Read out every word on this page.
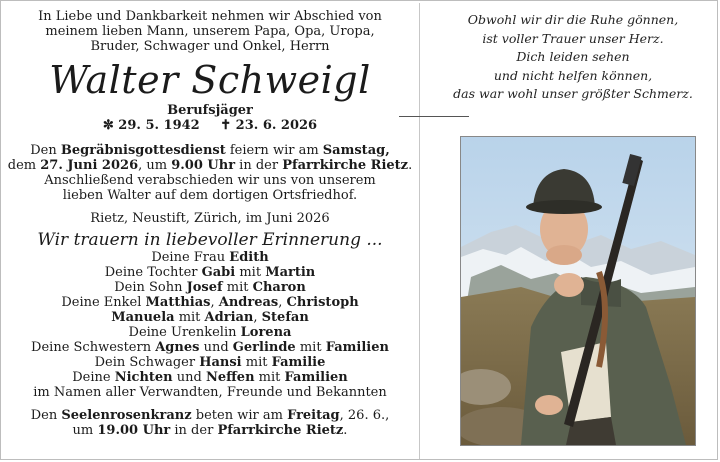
In Liebe und Dankbarkeit nehmen wir Abschied von
meinem lieben Mann, unserem Papa, Opa, Uropa,
Bruder, Schwager und Onkel, Herrn
Walter Schweigl
Berufsjäger
✼ 29. 5. 1942 ✝ 23. 6. 2026
Den Begräbnisgottesdienst feiern wir am Samstag,
dem 27. Juni 2026, um 9.00 Uhr in der Pfarrkirche Rietz.
Anschließend verabschieden wir uns von unserem
lieben Walter auf dem dortigen Ortsfriedhof.
Rietz, Neustift, Zürich, im Juni 2026
Wir trauern in liebevoller Erinnerung ...
Deine Frau Edith
Deine Tochter Gabi mit Martin
Dein Sohn Josef mit Charon
Deine Enkel Matthias, Andreas, Christoph
Manuela mit Adrian, Stefan
Deine Urenkelin Lorena
Deine Schwestern Agnes und Gerlinde mit Familien
Dein Schwager Hansi mit Familie
Deine Nichten und Neffen mit Familien
im Namen aller Verwandten, Freunde und Bekannten
Den Seelenrosenkranz beten wir am Freitag, 26. 6.,
um 19.00 Uhr in der Pfarrkirche Rietz.
Obwohl wir dir die Ruhe gönnen,
ist voller Trauer unser Herz.
Dich leiden sehen
und nicht helfen können,
das war wohl unser größter Schmerz.
